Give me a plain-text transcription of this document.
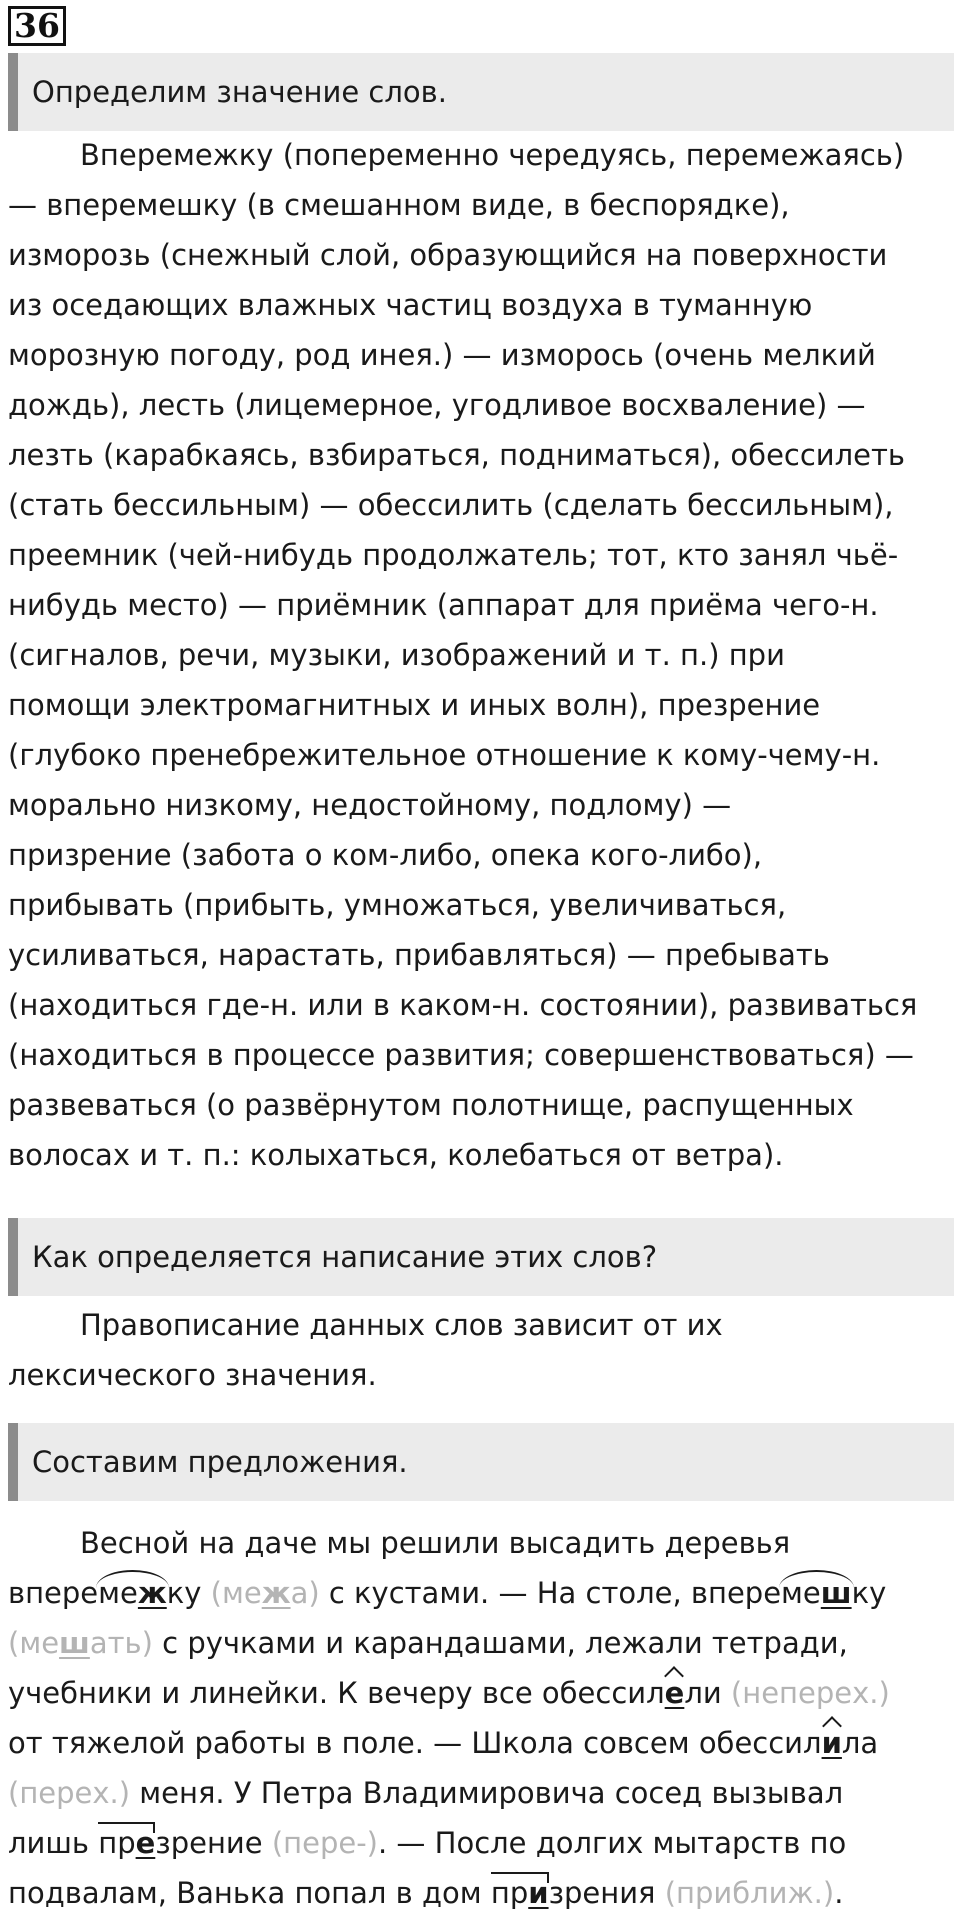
36
Определим значение слов.
Вперемежку (попеременно чередуясь, перемежаясь)
— вперемешку (в смешанном виде, в беспорядке),
изморозь (снежный слой, образующийся на поверхности
из оседающих влажных частиц воздуха в туманную
морозную погоду, род инея.) — изморось (очень мелкий
дождь), лесть (лицемерное, угодливое восхваление) —
лезть (карабкаясь, взбираться, подниматься), обессилеть
(стать бессильным) — обессилить (сделать бессильным),
преемник (чей-нибудь продолжатель; тот, кто занял чьё-
нибудь место) — приёмник (аппарат для приёма чего-н.
(сигналов, речи, музыки, изображений и т. п.) при
помощи электромагнитных и иных волн), презрение
(глубоко пренебрежительное отношение к кому-чему-н.
морально низкому, недостойному, подлому) —
призрение (забота о ком-либо, опека кого-либо),
прибывать (прибыть, умножаться, увеличиваться,
усиливаться, нарастать, прибавляться) — пребывать
(находиться где-н. или в каком-н. состоянии), развиваться
(находиться в процессе развития; совершенствоваться) —
развеваться (о развёрнутом полотнище, распущенных
волосах и т. п.: колыхаться, колебаться от ветра).
Как определяется написание этих слов?
Правописание данных слов зависит от их
лексического значения.
Составим предложения.
Весной на даче мы решили высадить деревья
вперемежку (межа) с кустами. — На столе, вперемешку
(мешать) с ручками и карандашами, лежали тетради,
учебники и линейки. К вечеру все обессилели (неперех.)
от тяжелой работы в поле. — Школа совсем обессилила
(перех.) меня. У Петра Владимировича сосед вызывал
лишь презрение (пере-). — После долгих мытарств по
подвалам, Ванька попал в дом призрения (приближ.).
